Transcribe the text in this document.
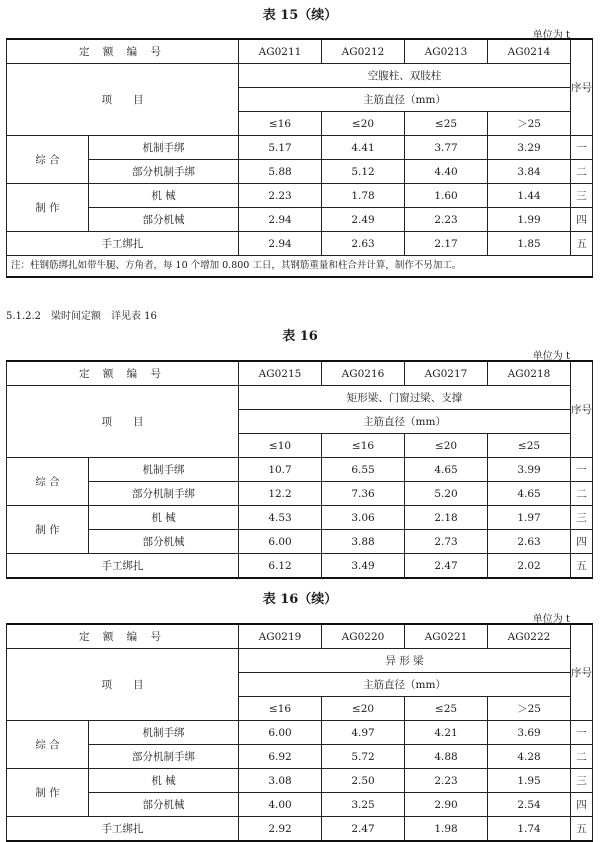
表 15（续）
单位为 t
定 额 编 号		AG0211	AG0212	AG0213	AG0214	序号
项　　目		空腹柱、双肢柱				
		主筋直径（mm）				
		≤16	≤20	≤25	＞25	
综 合	机制手绑	5.17	4.41	3.77	3.29	一
	部分机制手绑	5.88	5.12	4.40	3.84	二
制 作	机 械	2.23	1.78	1.60	1.44	三
	部分机械	2.94	2.49	2.23	1.99	四
手工绑扎		2.94	2.63	2.17	1.85	五
注：柱钢筋绑扎如带牛腿、方角者，每 10 个增加 0.800 工日，其钢筋重量和柱合并计算，制作不另加工。						
5.1.2.2　梁时间定额　详见表 16
表 16
单位为 t
定 额 编 号		AG0215	AG0216	AG0217	AG0218	序号
项　　目		矩形梁、门窗过梁、支撑				
		主筋直径（mm）				
		≤10	≤16	≤20	≤25	
综 合	机制手绑	10.7	6.55	4.65	3.99	一
	部分机制手绑	12.2	7.36	5.20	4.65	二
制 作	机 械	4.53	3.06	2.18	1.97	三
	部分机械	6.00	3.88	2.73	2.63	四
手工绑扎		6.12	3.49	2.47	2.02	五
表 16（续）
单位为 t
定 额 编 号		AG0219	AG0220	AG0221	AG0222	序号
项　　目		异 形 梁				
		主筋直径（mm）				
		≤16	≤20	≤25	＞25	
综 合	机制手绑	6.00	4.97	4.21	3.69	一
	部分机制手绑	6.92	5.72	4.88	4.28	二
制 作	机 械	3.08	2.50	2.23	1.95	三
	部分机械	4.00	3.25	2.90	2.54	四
手工绑扎		2.92	2.47	1.98	1.74	五
